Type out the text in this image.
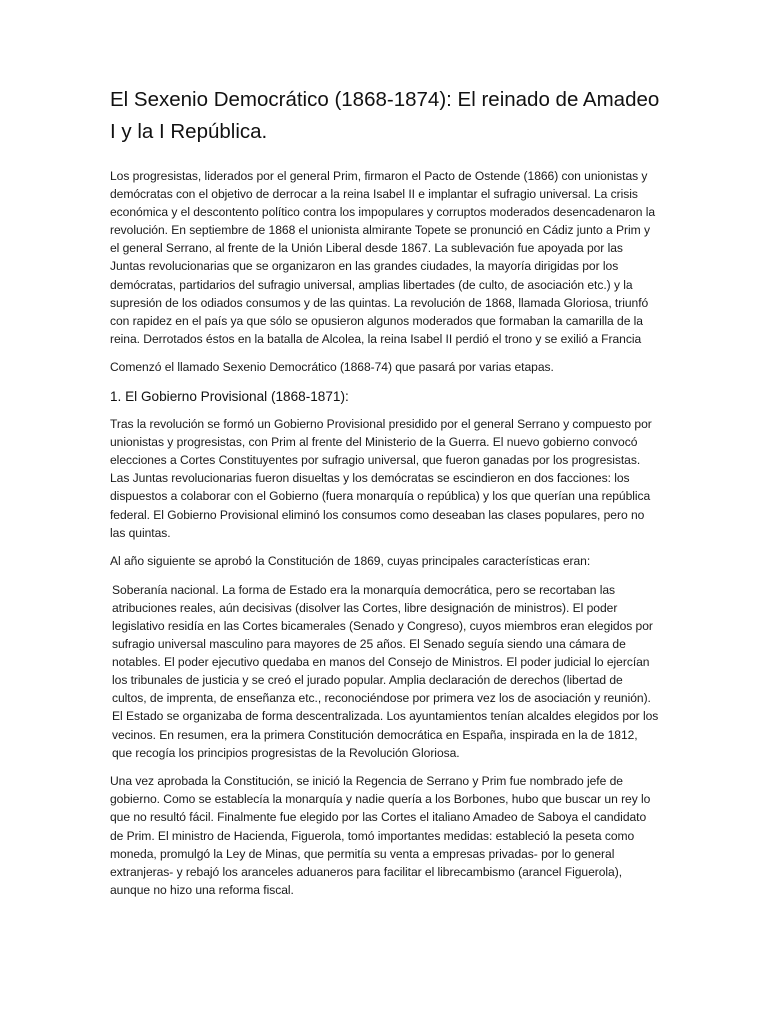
El Sexenio Democrático (1868-1874): El reinado de Amadeo I y la I República.

Los progresistas, liderados por el general Prim, firmaron el Pacto de Ostende (1866) con unionistas y demócratas con el objetivo de derrocar a la reina Isabel II e implantar el sufragio universal. La crisis económica y el descontento político contra los impopulares y corruptos moderados desencadenaron la revolución. En septiembre de 1868 el unionista almirante Topete se pronunció en Cádiz junto a Prim y el general Serrano, al frente de la Unión Liberal desde 1867. La sublevación fue apoyada por las Juntas revolucionarias que se organizaron en las grandes ciudades, la mayoría dirigidas por los demócratas, partidarios del sufragio universal, amplias libertades (de culto, de asociación etc.) y la supresión de los odiados consumos y de las quintas. La revolución de 1868, llamada Gloriosa, triunfó con rapidez en el país ya que sólo se opusieron algunos moderados que formaban la camarilla de la reina. Derrotados éstos en la batalla de Alcolea, la reina Isabel II perdió el trono y se exilió a Francia

Comenzó el llamado Sexenio Democrático (1868-74) que pasará por varias etapas.

1. El Gobierno Provisional (1868-1871):

Tras la revolución se formó un Gobierno Provisional presidido por el general Serrano y compuesto por unionistas y progresistas, con Prim al frente del Ministerio de la Guerra. El nuevo gobierno convocó elecciones a Cortes Constituyentes por sufragio universal, que fueron ganadas por los progresistas. Las Juntas revolucionarias fueron disueltas y los demócratas se escindieron en dos facciones: los dispuestos a colaborar con el Gobierno (fuera monarquía o república) y los que querían una república federal. El Gobierno Provisional eliminó los consumos como deseaban las clases populares, pero no las quintas.

Al año siguiente se aprobó la Constitución de 1869, cuyas principales características eran:

Soberanía nacional. La forma de Estado era la monarquía democrática, pero se recortaban las atribuciones reales, aún decisivas (disolver las Cortes, libre designación de ministros). El poder legislativo residía en las Cortes bicamerales (Senado y Congreso), cuyos miembros eran elegidos por sufragio universal masculino para mayores de 25 años. El Senado seguía siendo una cámara de notables. El poder ejecutivo quedaba en manos del Consejo de Ministros. El poder judicial lo ejercían los tribunales de justicia y se creó el jurado popular. Amplia declaración de derechos (libertad de cultos, de imprenta, de enseñanza etc., reconociéndose por primera vez los de asociación y reunión). El Estado se organizaba de forma descentralizada. Los ayuntamientos tenían alcaldes elegidos por los vecinos. En resumen, era la primera Constitución democrática en España, inspirada en la de 1812, que recogía los principios progresistas de la Revolución Gloriosa.

Una vez aprobada la Constitución, se inició la Regencia de Serrano y Prim fue nombrado jefe de gobierno. Como se establecía la monarquía y nadie quería a los Borbones, hubo que buscar un rey lo que no resultó fácil. Finalmente fue elegido por las Cortes el italiano Amadeo de Saboya el candidato de Prim. El ministro de Hacienda, Figuerola, tomó importantes medidas: estableció la peseta como moneda, promulgó la Ley de Minas, que permitía su venta a empresas privadas- por lo general extranjeras- y rebajó los aranceles aduaneros para facilitar el librecambismo (arancel Figuerola), aunque no hizo una reforma fiscal.
